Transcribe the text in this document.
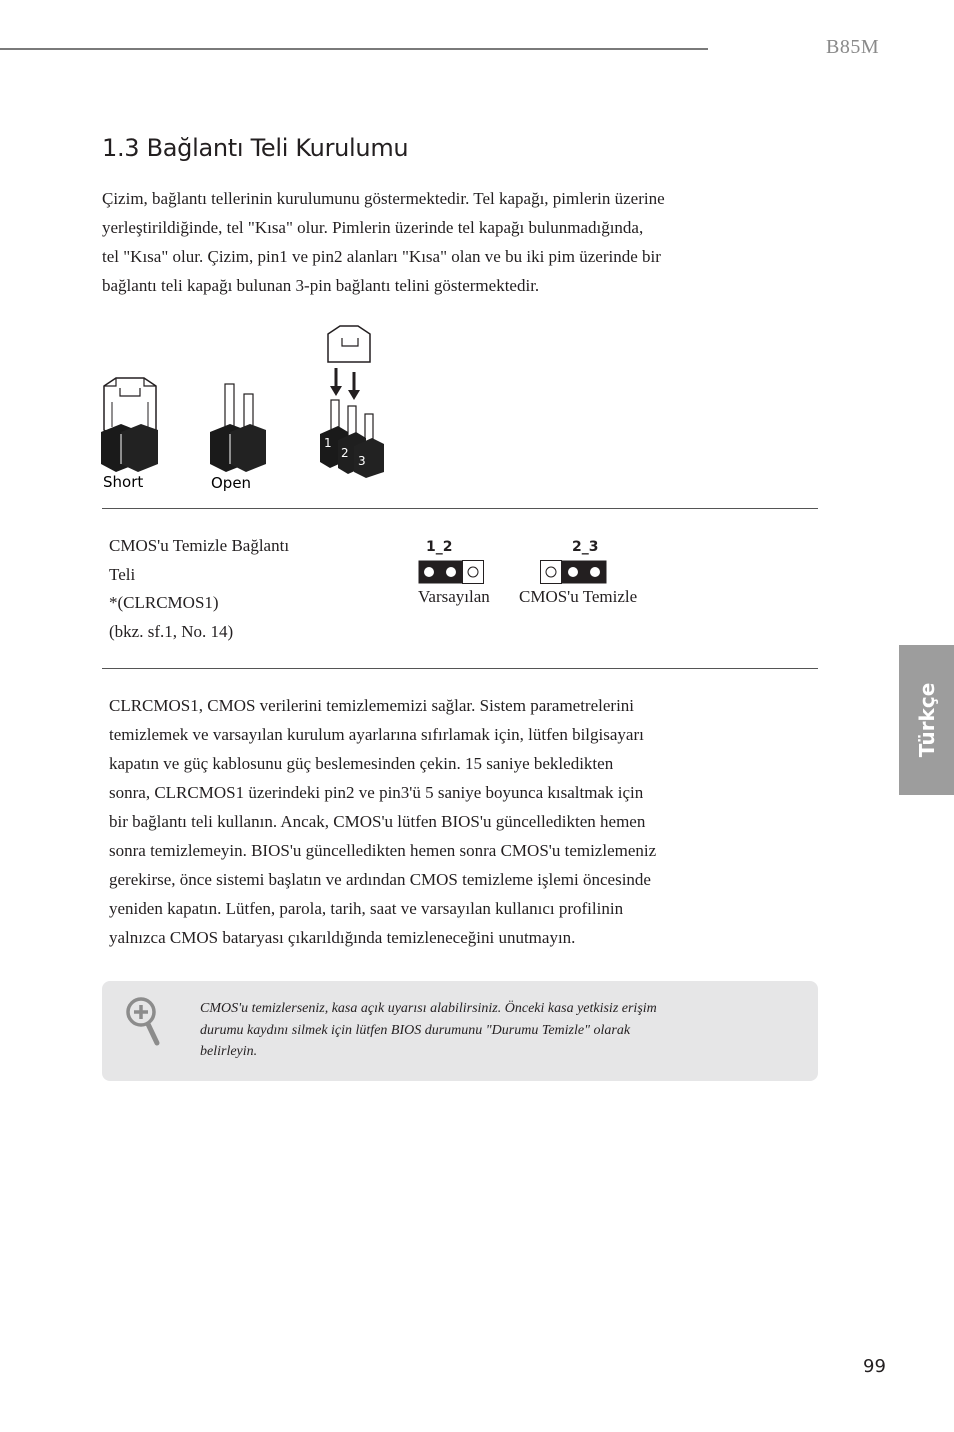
B85M
1.3 Bağlantı Teli Kurulumu

Çizim, bağlantı tellerinin kurulumunu göstermektedir. Tel kapağı, pimlerin üzerine

yerleştirildiğinde, tel "Kısa" olur. Pimlerin üzerinde tel kapağı bulunmadığında,

tel "Kısa" olur. Çizim, pin1 ve pin2 alanları "Kısa" olan ve bu iki pim üzerinde bir

bağlantı teli kapağı bulunan 3-pin bağlantı telini göstermektedir.

1
2
3
Short	Open
CMOS'u Temizle Bağlantı
Teli
*(CLRCMOS1)
(bkz. sf.1, No. 14)
1_2
Varsayılan
2_3
CMOS'u Temizle

CLRCMOS1, CMOS verilerini temizlememizi sağlar. Sistem parametrelerini

temizlemek ve varsayılan kurulum ayarlarına sıfırlamak için, lütfen bilgisayarı

kapatın ve güç kablosunu güç beslemesinden çekin. 15 saniye bekledikten

sonra, CLRCMOS1 üzerindeki pin2 ve pin3'ü 5 saniye boyunca kısaltmak için

bir bağlantı teli kullanın. Ancak, CMOS'u lütfen BIOS'u güncelledikten hemen

sonra temizlemeyin. BIOS'u güncelledikten hemen sonra CMOS'u temizlemeniz

gerekirse, önce sistemi başlatın ve ardından CMOS temizleme işlemi öncesinde

yeniden kapatın. Lütfen, parola, tarih, saat ve varsayılan kullanıcı profilinin

yalnızca CMOS bataryası çıkarıldığında temizleneceğini unutmayın.

CMOS'u temizlerseniz, kasa açık uyarısı alabilirsiniz. Önceki kasa yetkisiz erişim
durumu kaydını silmek için lütfen BIOS durumunu "Durumu Temizle" olarak
belirleyin.
Türkçe
99
